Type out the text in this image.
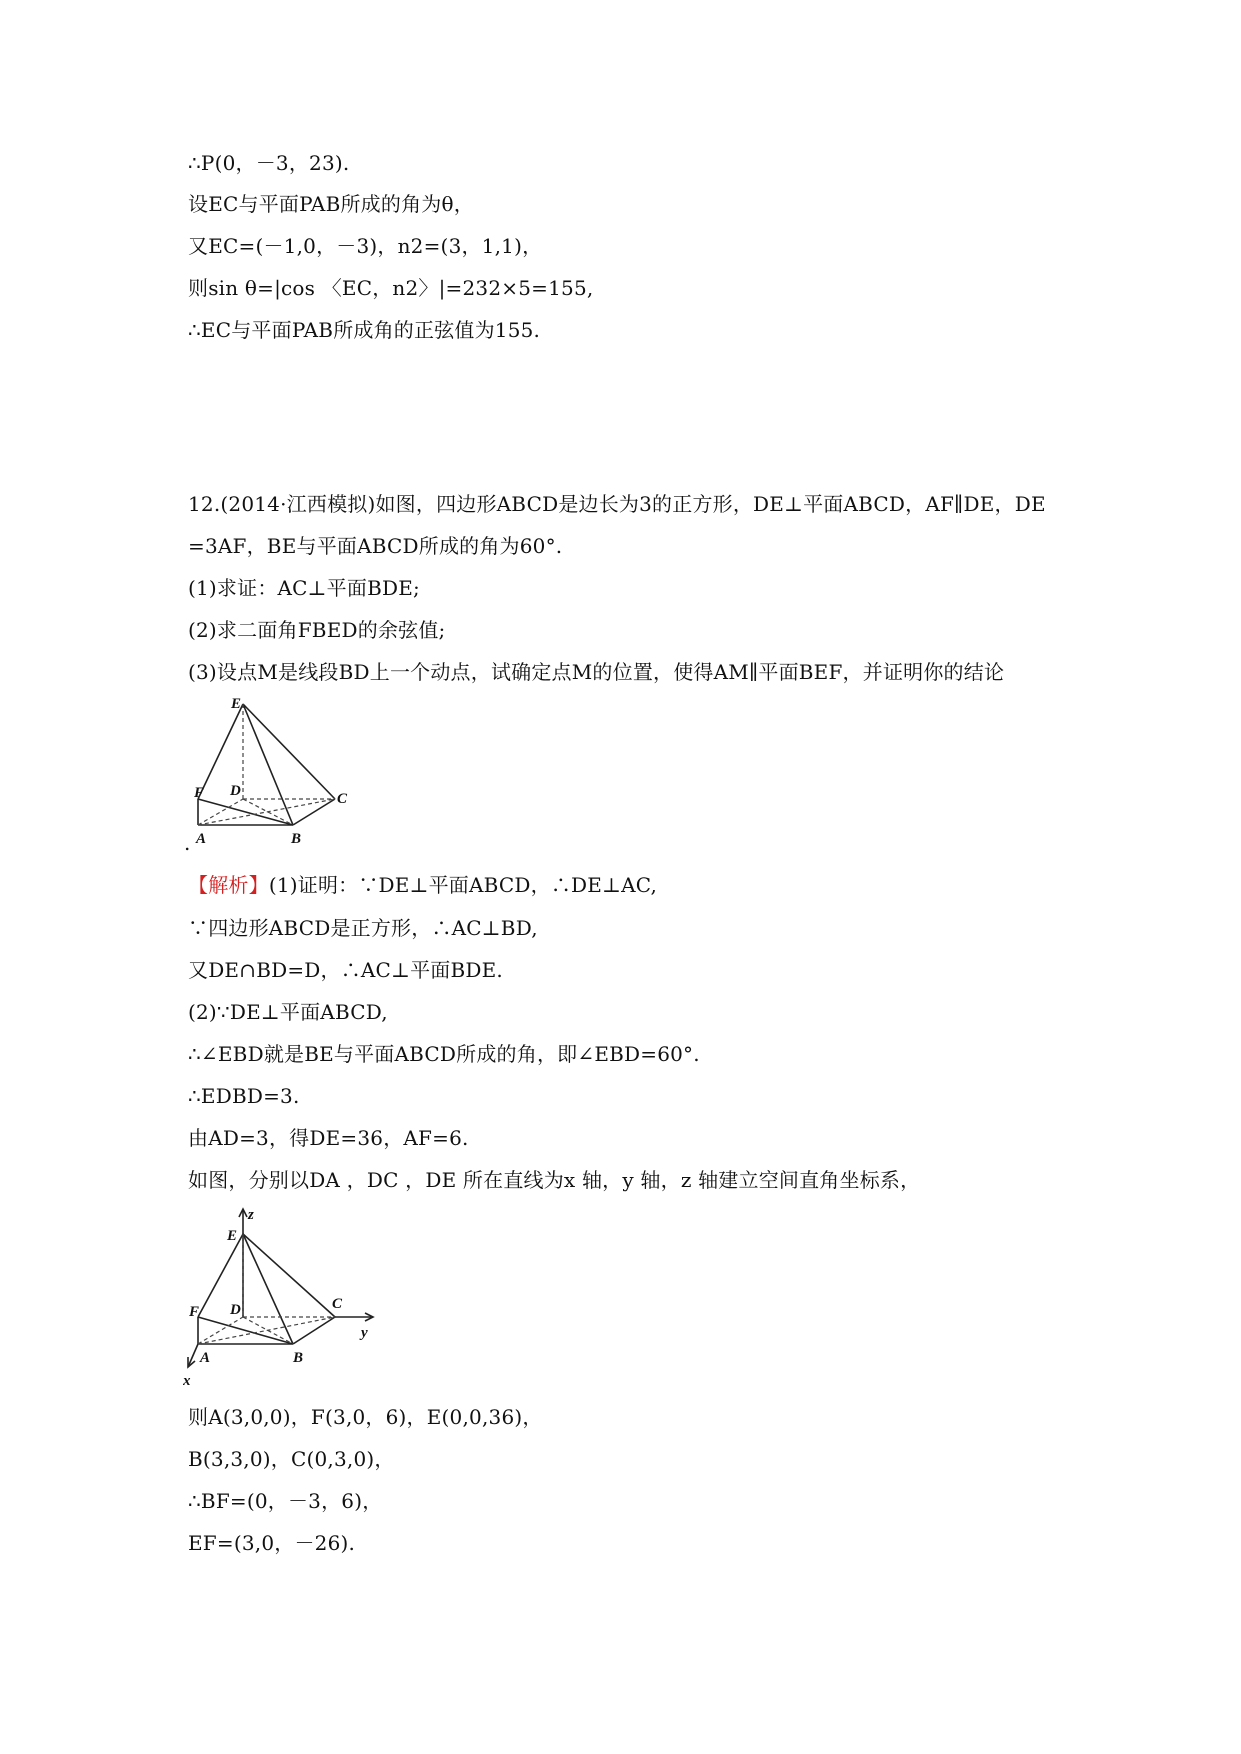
∴P(0，－3，23).
设EC与平面PAB所成的角为θ，
又EC=(－1,0，－3)，n2=(3，1,1)，
则sin θ=|cos 〈EC，n2〉|=232×5=155,
∴EC与平面PAB所成角的正弦值为155.
12.(2014·江西模拟)如图，四边形ABCD是边长为3的正方形，DE⊥平面ABCD，AF∥DE，DE
=3AF，BE与平面ABCD所成的角为60°.
(1)求证：AC⊥平面BDE;
(2)求二面角FBED的余弦值;
(3)设点M是线段BD上一个动点，试确定点M的位置，使得AM∥平面BEF，并证明你的结论
E
F D	C
A	B
.
【解析】(1)证明：∵DE⊥平面ABCD，∴DE⊥AC,
∵四边形ABCD是正方形，∴AC⊥BD,
又DE∩BD=D，∴AC⊥平面BDE.
(2)∵DE⊥平面ABCD,
∴∠EBD就是BE与平面ABCD所成的角，即∠EBD=60°.
∴EDBD=3.
由AD=3，得DE=36，AF=6.
如图，分别以DA ，DC ，DE 所在直线为x 轴，y 轴，z 轴建立空间直角坐标系，
z
E
F D	C
y
A	B
x
则A(3,0,0)，F(3,0，6)，E(0,0,36)，
B(3,3,0)，C(0,3,0)，
∴BF=(0，－3，6)，
EF=(3,0，－26).
